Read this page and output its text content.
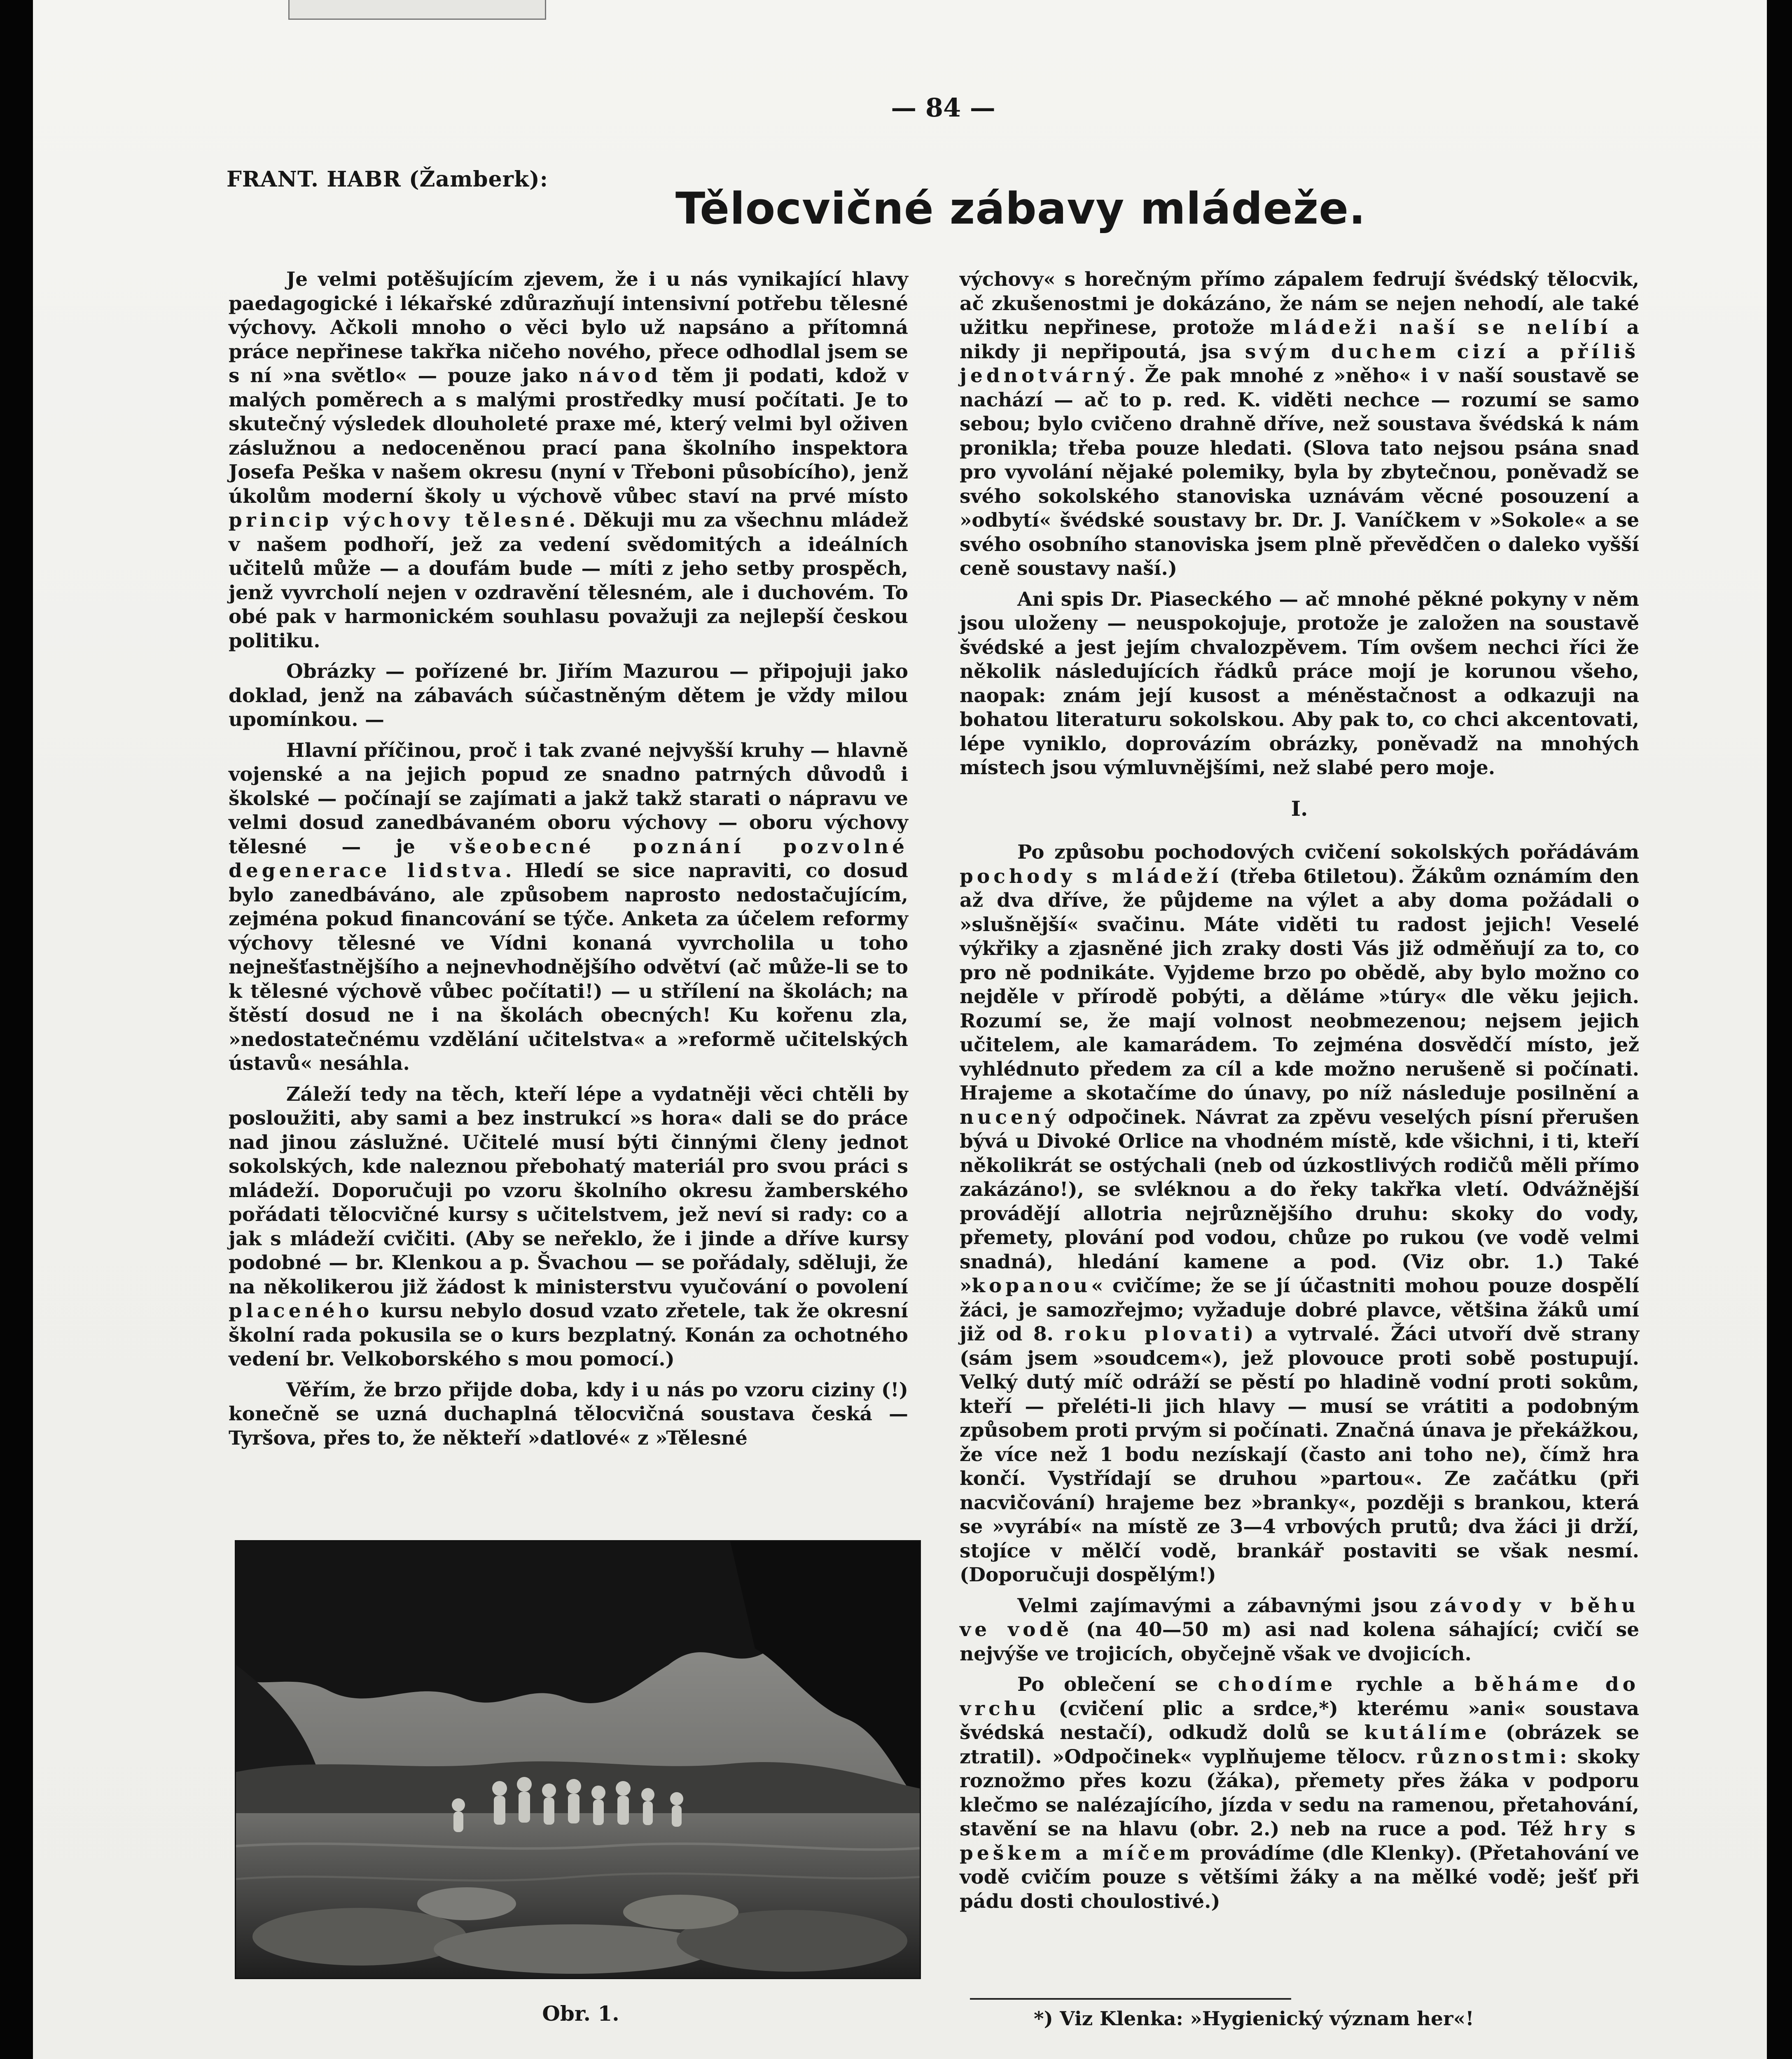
— 84 —
FRANT. HABR (Žamberk):
Tělocvičné zábavy mládeže.

Je velmi potěšujícím zjevem, že i u nás vynikající hlavy paedagogické i lékařské zdůrazňují intensivní potřebu tělesné výchovy. Ačkoli mnoho o věci bylo už napsáno a přítomná práce nepřinese takřka ničeho nového, přece odhodlal jsem se s ní »na světlo« — pouze jako návod těm ji podati, kdož v malých poměrech a s malými prostředky musí počítati. Je to skutečný výsledek dlouholeté praxe mé, který velmi byl oživen záslužnou a nedoceněnou prací pana školního inspektora Josefa Peška v našem okresu (nyní v Třeboni působícího), jenž úkolům moderní školy u výchově vůbec staví na prvé místo princip výchovy tělesné. Děkuji mu za všechnu mládež v našem podhoří, jež za vedení svědomitých a ideálních učitelů může — a doufám bude — míti z jeho setby prospěch, jenž vyvrcholí nejen v ozdravění tělesném, ale i duchovém. To obé pak v harmonickém souhlasu považuji za nejlepší českou politiku.

Obrázky — pořízené br. Jiřím Mazurou — připojuji jako doklad, jenž na zábavách súčastněným dětem je vždy milou upomínkou. —

Hlavní příčinou, proč i tak zvané nejvyšší kruhy — hlavně vojenské a na jejich popud ze snadno patrných důvodů i školské — počínají se zajímati a jakž takž starati o nápravu ve velmi dosud zanedbávaném oboru výchovy — oboru výchovy tělesné — je všeobecné poznání pozvolné degenerace lidstva. Hledí se sice napraviti, co dosud bylo zanedbáváno, ale způsobem naprosto nedostačujícím, zejména pokud financování se týče. Anketa za účelem reformy výchovy tělesné ve Vídni konaná vyvrcholila u toho nejnešťastnějšího a nejnevhodnějšího odvětví (ač může-li se to k tělesné výchově vůbec počítati!) — u střílení na školách; na štěstí dosud ne i na školách obecných! Ku kořenu zla, »nedostatečnému vzdělání učitelstva« a »reformě učitelských ústavů« nesáhla.

Záleží tedy na těch, kteří lépe a vydatněji věci chtěli by posloužiti, aby sami a bez instrukcí »s hora« dali se do práce nad jinou záslužné. Učitelé musí býti činnými členy jednot sokolských, kde naleznou přebohatý materiál pro svou práci s mládeží. Doporučuji po vzoru školního okresu žamberského pořádati tělocvičné kursy s učitelstvem, jež neví si rady: co a jak s mládeží cvičiti. (Aby se neřeklo, že i jinde a dříve kursy podobné — br. Klenkou a p. Švachou — se pořádaly, sděluji, že na několikerou již žádost k ministerstvu vyučování o povolení placeného kursu nebylo dosud vzato zřetele, tak že okresní školní rada pokusila se o kurs bezplatný. Konán za ochotného vedení br. Velkoborského s mou pomocí.)

Věřím, že brzo přijde doba, kdy i u nás po vzoru ciziny (!) konečně se uzná duchaplná tělocvičná soustava česká — Tyršova, přes to, že někteří »datlové« z »Tělesné

výchovy« s horečným přímo zápalem fedrují švédský tělocvik, ač zkušenostmi je dokázáno, že nám se nejen nehodí, ale také užitku nepřinese, protože mládeži naší se nelíbí a nikdy ji nepřipoutá, jsa svým duchem cizí a příliš jednotvárný. Že pak mnohé z »něho« i v naší soustavě se nachází — ač to p. red. K. viděti nechce — rozumí se samo sebou; bylo cvičeno drahně dříve, než soustava švédská k nám pronikla; třeba pouze hledati. (Slova tato nejsou psána snad pro vyvolání nějaké polemiky, byla by zbytečnou, poněvadž se svého sokolského stanoviska uznávám věcné posouzení a »odbytí« švédské soustavy br. Dr. J. Vaníčkem v »Sokole« a se svého osobního stanoviska jsem plně převědčen o daleko vyšší ceně soustavy naší.)

Ani spis Dr. Piaseckého — ač mnohé pěkné pokyny v něm jsou uloženy — neuspokojuje, protože je založen na soustavě švédské a jest jejím chvalozpěvem. Tím ovšem nechci říci že několik následujících řádků práce mojí je korunou všeho, naopak: znám její kusost a méněstačnost a odkazuji na bohatou literaturu sokolskou. Aby pak to, co chci akcentovati, lépe vyniklo, doprovázím obrázky, poněvadž na mnohých místech jsou výmluvnějšími, než slabé pero moje.

I.

Po způsobu pochodových cvičení sokolských pořádávám pochody s mládeží (třeba 6tiletou). Žákům oznámím den až dva dříve, že půjdeme na výlet a aby doma požádali o »slušnější« svačinu. Máte viděti tu radost jejich! Veselé výkřiky a zjasněné jich zraky dosti Vás již odměňují za to, co pro ně podnikáte. Vyjdeme brzo po obědě, aby bylo možno co nejděle v přírodě pobýti, a děláme »túry« dle věku jejich. Rozumí se, že mají volnost neobmezenou; nejsem jejich učitelem, ale kamarádem. To zejména dosvědčí místo, jež vyhlédnuto předem za cíl a kde možno nerušeně si počínati. Hrajeme a skotačíme do únavy, po níž následuje posilnění a nucený odpočinek. Návrat za zpěvu veselých písní přerušen bývá u Divoké Orlice na vhodném místě, kde všichni, i ti, kteří několikrát se ostýchali (neb od úzkostlivých rodičů měli přímo zakázáno!), se svléknou a do řeky takřka vletí. Odvážnější provádějí allotria nejrůznějšího druhu: skoky do vody, přemety, plování pod vodou, chůze po rukou (ve vodě velmi snadná), hledání kamene a pod. (Viz obr. 1.) Také »kopanou« cvičíme; že se jí účastniti mohou pouze dospělí žáci, je samozřejmo; vyžaduje dobré plavce, většina žáků umí již od 8. roku plovati) a vytrvalé. Žáci utvoří dvě strany (sám jsem »soudcem«), jež plovouce proti sobě postupují. Velký dutý míč odráží se pěstí po hladině vodní proti sokům, kteří — přeléti-li jich hlavy — musí se vrátiti a podobným způsobem proti prvým si počínati. Značná únava je překážkou, že více než 1 bodu nezískají (často ani toho ne), čímž hra končí. Vystřídají se druhou »partou«. Ze začátku (při nacvičování) hrajeme bez »branky«, později s brankou, která se »vyrábí« na místě ze 3—4 vrbových prutů; dva žáci ji drží, stojíce v mělčí vodě, brankář postaviti se však nesmí. (Doporučuji dospělým!)

Velmi zajímavými a zábavnými jsou závody v běhu ve vodě (na 40—50 m) asi nad kolena sáhající; cvičí se nejvýše ve trojicích, obyčejně však ve dvojicích.

Po oblečení se chodíme rychle a běháme do vrchu (cvičení plic a srdce,*) kterému »ani« soustava švédská nestačí), odkudž dolů se kutálíme (obrázek se ztratil). »Odpočinek« vyplňujeme tělocv. různostmi: skoky roznožmo přes kozu (žáka), přemety přes žáka v podporu klečmo se nalézajícího, jízda v sedu na ramenou, přetahování, stavění se na hlavu (obr. 2.) neb na ruce a pod. Též hry s peškem a míčem provádíme (dle Klenky). (Přetahování ve vodě cvičím pouze s většími žáky a na mělké vodě; ješť při pádu dosti choulostivé.)

Obr. 1.	*) Viz Klenka: »Hygienický význam her«!
